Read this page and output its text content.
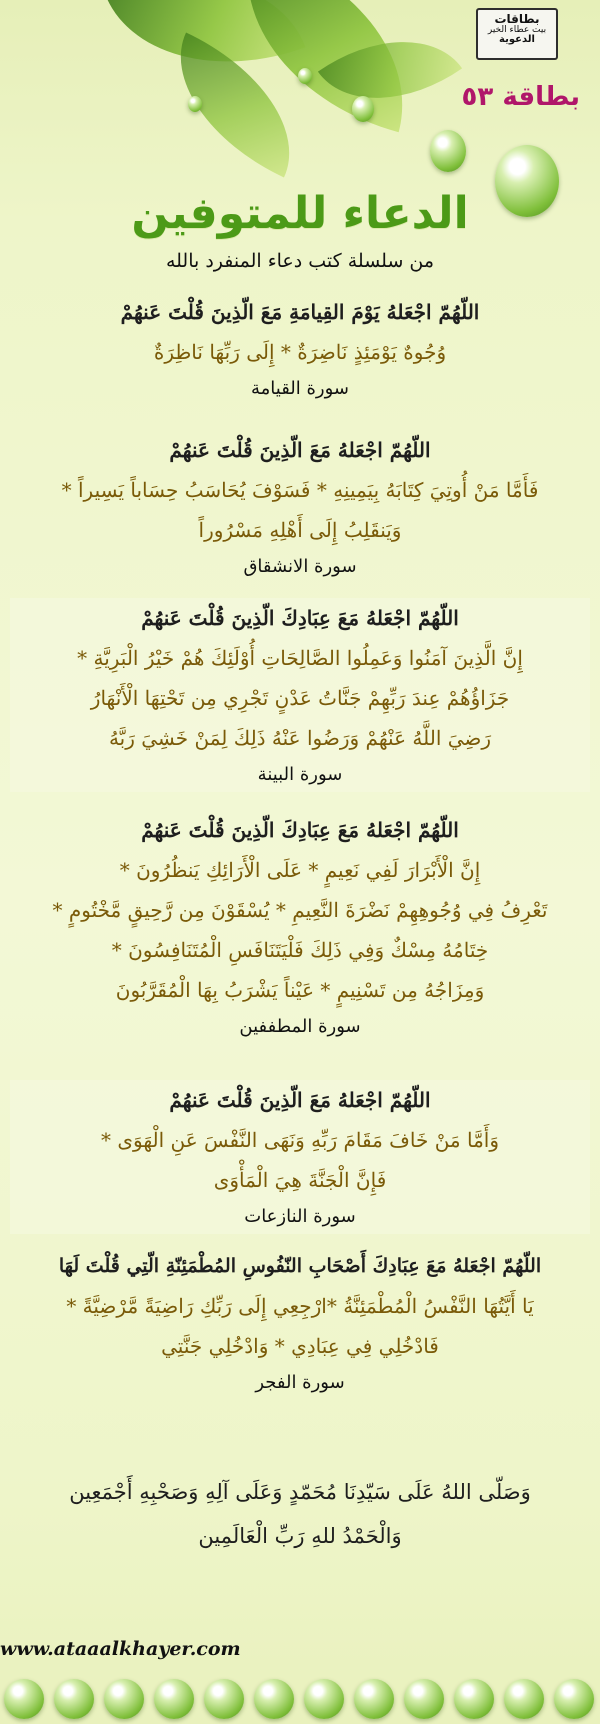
بطاقات
بيت عطاء الخير
الدعوية
بطاقة ٥٣
الدعاء للمتوفين
من سلسلة كتب دعاء المنفرد بالله
اللّهُمّ اجْعَلهُ يَوْمَ القِيامَةِ مَعَ الّذِينَ قُلْتَ عَنهُمْ
وُجُوهٌ يَوْمَئِذٍ نَاضِرَةٌ * إِلَى رَبِّهَا نَاظِرَةٌ
سورة القيامة
اللّهُمّ اجْعَلهُ مَعَ الّذِينَ قُلْتَ عَنهُمْ
فَأَمَّا مَنْ أُوتِيَ كِتَابَهُ بِيَمِينِهِ * فَسَوْفَ يُحَاسَبُ حِسَاباً يَسِيراً *
وَيَنقَلِبُ إِلَى أَهْلِهِ مَسْرُوراً
سورة الانشقاق
اللّهُمّ اجْعَلهُ مَعَ عِبَادِكَ الّذِينَ قُلْتَ عَنهُمْ
إِنَّ الَّذِينَ آمَنُوا وَعَمِلُوا الصَّالِحَاتِ أُوْلَئِكَ هُمْ خَيْرُ الْبَرِيَّةِ *
جَزَاؤُهُمْ عِندَ رَبِّهِمْ جَنَّاتُ عَدْنٍ تَجْرِي مِن تَحْتِهَا الْأَنْهَارُ
رَضِيَ اللَّهُ عَنْهُمْ وَرَضُوا عَنْهُ ذَلِكَ لِمَنْ خَشِيَ رَبَّهُ
سورة البينة
اللّهُمّ اجْعَلهُ مَعَ عِبَادِكَ الّذِينَ قُلْتَ عَنهُمْ
إِنَّ الْأَبْرَارَ لَفِي نَعِيمٍ * عَلَى الْأَرَائِكِ يَنظُرُونَ *
تَعْرِفُ فِي وُجُوهِهِمْ نَضْرَةَ النَّعِيمِ * يُسْقَوْنَ مِن رَّحِيقٍ مَّخْتُومٍ *
خِتَامُهُ مِسْكٌ وَفِي ذَلِكَ فَلْيَتَنَافَسِ الْمُتَنَافِسُونَ *
وَمِزَاجُهُ مِن تَسْنِيمٍ * عَيْناً يَشْرَبُ بِهَا الْمُقَرَّبُونَ
سورة المطففين
اللّهُمّ اجْعَلهُ مَعَ الّذِينَ قُلْتَ عَنهُمْ
وَأَمَّا مَنْ خَافَ مَقَامَ رَبِّهِ وَنَهَى النَّفْسَ عَنِ الْهَوَى *
فَإِنَّ الْجَنَّةَ هِيَ الْمَأْوَى
سورة النازعات
اللّهُمّ اجْعَلهُ مَعَ عِبَادِكَ أَصْحَابِ النّفُوسِ المُطْمَئِنّةِ الّتِي قُلْتَ لَهَا
يَا أَيَّتُهَا النَّفْسُ الْمُطْمَئِنَّةُ *ارْجِعِي إِلَى رَبِّكِ رَاضِيَةً مَّرْضِيَّةً *
فَادْخُلِي فِي عِبَادِي * وَادْخُلِي جَنَّتِي
سورة الفجر
وَصَلّى اللهُ عَلَى سَيّدِنَا مُحَمّدٍ وَعَلَى آلِهِ وَصَحْبِهِ أَجْمَعِين
وَالْحَمْدُ للهِ رَبِّ الْعَالَمِين
www.ataaalkhayer.com
